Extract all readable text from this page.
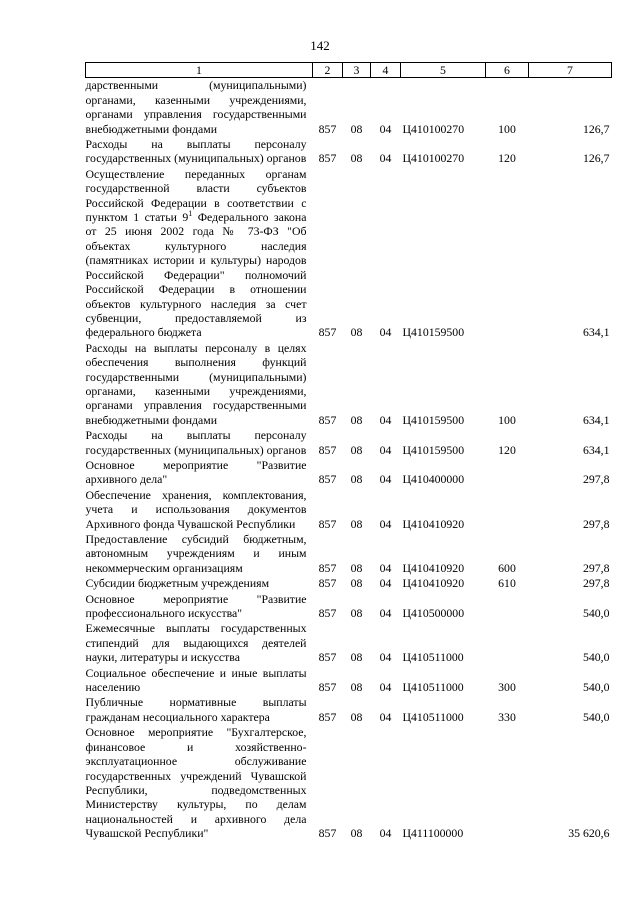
142
1	2	3	4	5	6	7
дарственными (муниципальными) органами, казенными учреждениями, органами управления государственными внебюджетными фондами	857	08	04	Ц410100270	100	126,7
Расходы на выплаты персоналу государственных (муниципальных) органов	857	08	04	Ц410100270	120	126,7
Осуществление переданных органам государственной власти субъектов Российской Федерации в соответствии с пунктом 1 статьи $9^1$ Федерального закона от 25 июня 2002 года № 73-ФЗ "Об объектах культурного наследия (памятниках истории и культуры) народов Российской Федерации" полномочий Российской Федерации в отношении объектов культурного наследия за счет субвенции, предоставляемой из федерального бюджета	857	08	04	Ц410159500		634,1
Расходы на выплаты персоналу в целях обеспечения выполнения функций государственными (муниципальными) органами, казенными учреждениями, органами управления государственными внебюджетными фондами	857	08	04	Ц410159500	100	634,1
Расходы на выплаты персоналу государственных (муниципальных) органов	857	08	04	Ц410159500	120	634,1
Основное мероприятие "Развитие архивного дела"	857	08	04	Ц410400000		297,8
Обеспечение хранения, комплектования, учета и использования документов Архивного фонда Чувашской Республики	857	08	04	Ц410410920		297,8
Предоставление субсидий бюджетным, автономным учреждениям и иным некоммерческим организациям	857	08	04	Ц410410920	600	297,8
Субсидии бюджетным учреждениям	857	08	04	Ц410410920	610	297,8
Основное мероприятие "Развитие профессионального искусства"	857	08	04	Ц410500000		540,0
Ежемесячные выплаты государственных стипендий для выдающихся деятелей науки, литературы и искусства	857	08	04	Ц410511000		540,0
Социальное обеспечение и иные выплаты населению	857	08	04	Ц410511000	300	540,0
Публичные нормативные выплаты гражданам несоциального характера	857	08	04	Ц410511000	330	540,0
Основное мероприятие "Бухгалтерское, финансовое и хозяйственно-эксплуатационное обслуживание государственных учреждений Чувашской Республики, подведомственных Министерству культуры, по делам национальностей и архивного дела Чувашской Республики"	857	08	04	Ц411100000		35 620,6
